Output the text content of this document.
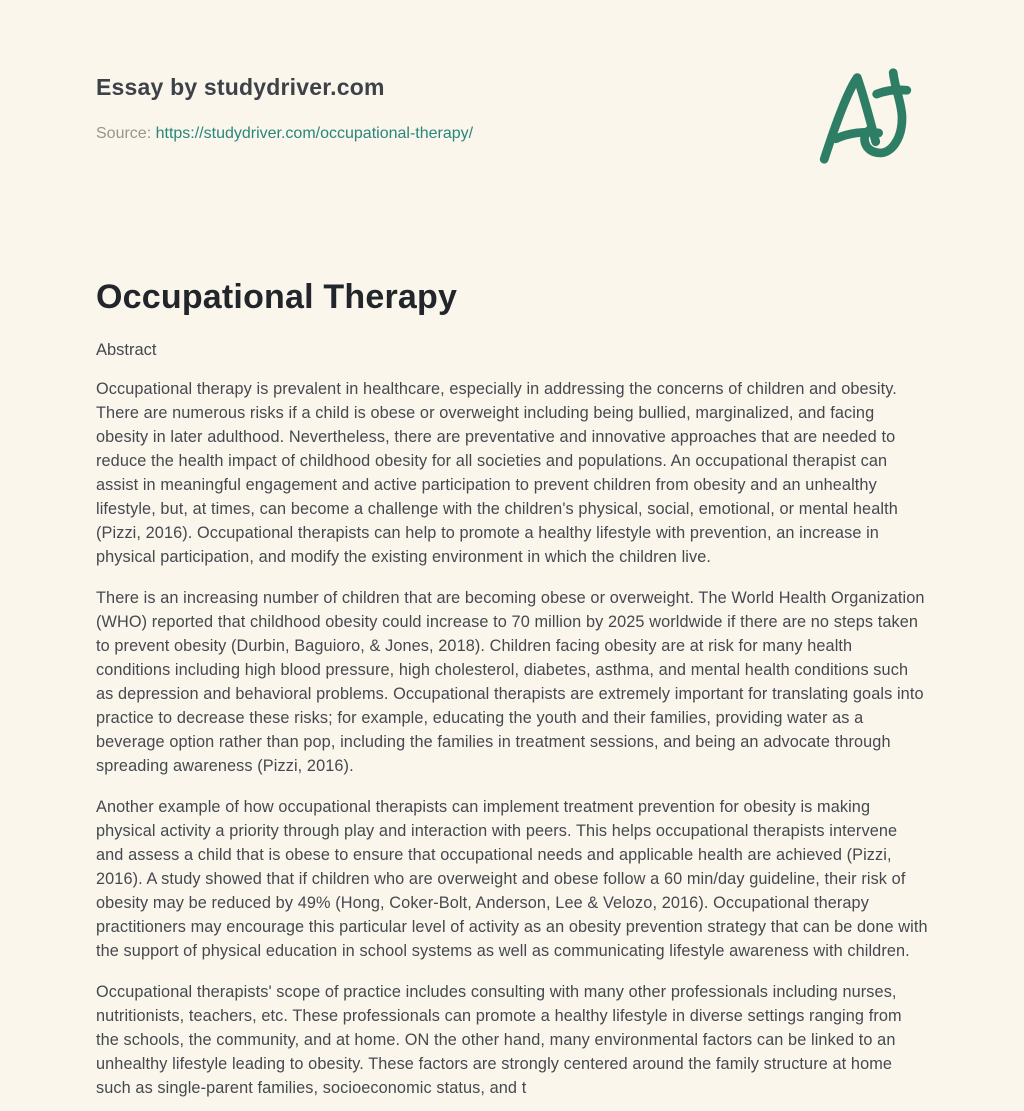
Essay by studydriver.com
Source: https://studydriver.com/occupational-therapy/
Occupational Therapy
Abstract

Occupational therapy is prevalent in healthcare, especially in addressing the concerns of children and obesity. There are numerous risks if a child is obese or overweight including being bullied, marginalized, and facing obesity in later adulthood. Nevertheless, there are preventative and innovative approaches that are needed to reduce the health impact of childhood obesity for all societies and populations. An occupational therapist can assist in meaningful engagement and active participation to prevent children from obesity and an unhealthy lifestyle, but, at times, can become a challenge with the children's physical, social, emotional, or mental health (Pizzi, 2016). Occupational therapists can help to promote a healthy lifestyle with prevention, an increase in physical participation, and modify the existing environment in which the children live.

There is an increasing number of children that are becoming obese or overweight. The World Health Organization (WHO) reported that childhood obesity could increase to 70 million by 2025 worldwide if there are no steps taken to prevent obesity (Durbin, Baguioro, & Jones, 2018). Children facing obesity are at risk for many health conditions including high blood pressure, high cholesterol, diabetes, asthma, and mental health conditions such as depression and behavioral problems. Occupational therapists are extremely important for translating goals into practice to decrease these risks; for example, educating the youth and their families, providing water as a beverage option rather than pop, including the families in treatment sessions, and being an advocate through spreading awareness (Pizzi, 2016).

Another example of how occupational therapists can implement treatment prevention for obesity is making physical activity a priority through play and interaction with peers. This helps occupational therapists intervene and assess a child that is obese to ensure that occupational needs and applicable health are achieved (Pizzi, 2016). A study showed that if children who are overweight and obese follow a 60 min/day guideline, their risk of obesity may be reduced by 49% (Hong, Coker-Bolt, Anderson, Lee & Velozo, 2016). Occupational therapy practitioners may encourage this particular level of activity as an obesity prevention strategy that can be done with the support of physical education in school systems as well as communicating lifestyle awareness with children.

Occupational therapists' scope of practice includes consulting with many other professionals including nurses, nutritionists, teachers, etc. These professionals can promote a healthy lifestyle in diverse settings ranging from the schools, the community, and at home. ON the other hand, many environmental factors can be linked to an unhealthy lifestyle leading to obesity. These factors are strongly centered around the family structure at home such as single-parent families, socioeconomic status, and t
